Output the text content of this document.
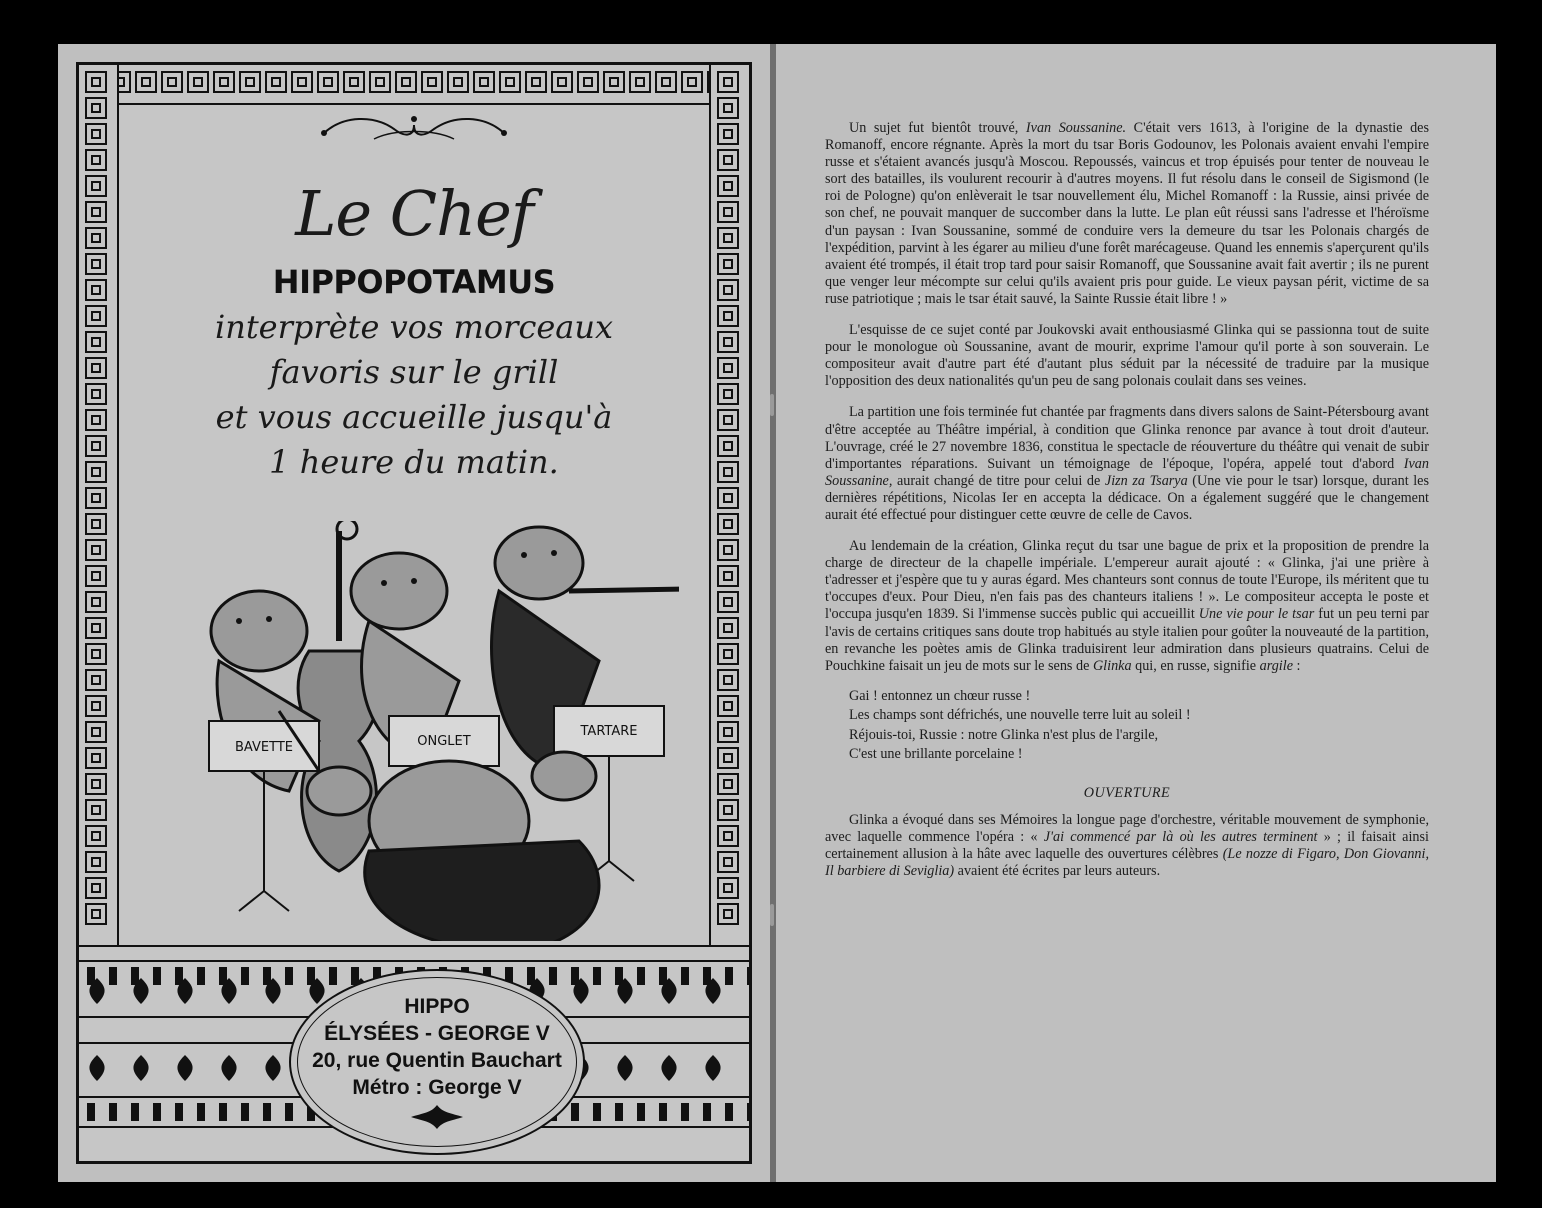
Le Chef
HIPPOPOTAMUS
interprète vos morceaux
favoris sur le grill
et vous accueille jusqu'à
1 heure du matin.
BAVETTE	ONGLET
TARTARE
HIPPO
ÉLYSÉES - GEORGE V
20, rue Quentin Bauchart
Métro : George V

Un sujet fut bientôt trouvé, Ivan Soussanine. C'était vers 1613, à l'origine de la dynastie des Romanoff, encore régnante. Après la mort du tsar Boris Godounov, les Polonais avaient envahi l'empire russe et s'étaient avancés jusqu'à Moscou. Repoussés, vaincus et trop épuisés pour tenter de nouveau le sort des batailles, ils voulurent recourir à d'autres moyens. Il fut résolu dans le conseil de Sigismond (le roi de Pologne) qu'on enlèverait le tsar nouvellement élu, Michel Romanoff : la Russie, ainsi privée de son chef, ne pouvait manquer de succomber dans la lutte. Le plan eût réussi sans l'adresse et l'héroïsme d'un paysan : Ivan Soussanine, sommé de conduire vers la demeure du tsar les Polonais chargés de l'expédition, parvint à les égarer au milieu d'une forêt marécageuse. Quand les ennemis s'aperçurent qu'ils avaient été trompés, il était trop tard pour saisir Romanoff, que Soussanine avait fait avertir ; ils ne purent que venger leur mécompte sur celui qu'ils avaient pris pour guide. Le vieux paysan périt, victime de sa ruse patriotique ; mais le tsar était sauvé, la Sainte Russie était libre ! »

L'esquisse de ce sujet conté par Joukovski avait enthousiasmé Glinka qui se passionna tout de suite pour le monologue où Soussanine, avant de mourir, exprime l'amour qu'il porte à son souverain. Le compositeur avait d'autre part été d'autant plus séduit par la nécessité de traduire par la musique l'opposition des deux nationalités qu'un peu de sang polonais coulait dans ses veines.

La partition une fois terminée fut chantée par fragments dans divers salons de Saint-Pétersbourg avant d'être acceptée au Théâtre impérial, à condition que Glinka renonce par avance à tout droit d'auteur. L'ouvrage, créé le 27 novembre 1836, constitua le spectacle de réouverture du théâtre qui venait de subir d'importantes réparations. Suivant un témoignage de l'époque, l'opéra, appelé tout d'abord Ivan Soussanine, aurait changé de titre pour celui de Jizn za Tsarya (Une vie pour le tsar) lorsque, durant les dernières répétitions, Nicolas Ier en accepta la dédicace. On a également suggéré que le changement aurait été effectué pour distinguer cette œuvre de celle de Cavos.

Au lendemain de la création, Glinka reçut du tsar une bague de prix et la proposition de prendre la charge de directeur de la chapelle impériale. L'empereur aurait ajouté : « Glinka, j'ai une prière à t'adresser et j'espère que tu y auras égard. Mes chanteurs sont connus de toute l'Europe, ils méritent que tu t'occupes d'eux. Pour Dieu, n'en fais pas des chanteurs italiens ! ». Le compositeur accepta le poste et l'occupa jusqu'en 1839. Si l'immense succès public qui accueillit Une vie pour le tsar fut un peu terni par l'avis de certains critiques sans doute trop habitués au style italien pour goûter la nouveauté de la partition, en revanche les poètes amis de Glinka traduisirent leur admiration dans plusieurs quatrains. Celui de Pouchkine faisait un jeu de mots sur le sens de Glinka qui, en russe, signifie argile :

Gai ! entonnez un chœur russe !
Les champs sont défrichés, une nouvelle terre luit au soleil !
Réjouis-toi, Russie : notre Glinka n'est plus de l'argile,
C'est une brillante porcelaine !
OUVERTURE

Glinka a évoqué dans ses Mémoires la longue page d'orchestre, véritable mouvement de symphonie, avec laquelle commence l'opéra : « J'ai commencé par là où les autres terminent » ; il faisait ainsi certainement allusion à la hâte avec laquelle des ouvertures célèbres (Le nozze di Figaro, Don Giovanni, Il barbiere di Seviglia) avaient été écrites par leurs auteurs.
